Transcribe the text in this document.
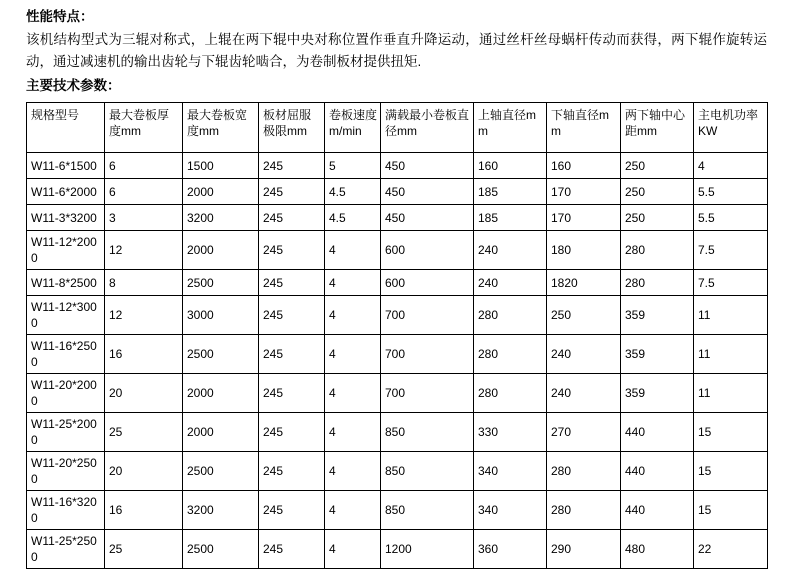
性能特点：

该机结构型式为三辊对称式，上辊在两下辊中央对称位置作垂直升降运动，通过丝杆丝母蜗杆传动而获得，两下辊作旋转运动，通过减速机的输出齿轮与下辊齿轮啮合，为卷制板材提供扭矩.

主要技术参数：
规格型号	最大卷板厚度mm	最大卷板宽度mm	板材屈服极限mm	卷板速度m/min	满载最小卷板直径mm	上轴直径mm	下轴直径mm	两下轴中心距mm	主电机功率KW
W11-6*1500	6	1500	245	5	450	160	160	250	4
W11-6*2000	6	2000	245	4.5	450	185	170	250	5.5
W11-3*3200	3	3200	245	4.5	450	185	170	250	5.5
W11-12*2000	12	2000	245	4	600	240	180	280	7.5
W11-8*2500	8	2500	245	4	600	240	1820	280	7.5
W11-12*3000	12	3000	245	4	700	280	250	359	11
W11-16*2500	16	2500	245	4	700	280	240	359	11
W11-20*2000	20	2000	245	4	700	280	240	359	11
W11-25*2000	25	2000	245	4	850	330	270	440	15
W11-20*2500	20	2500	245	4	850	340	280	440	15
W11-16*3200	16	3200	245	4	850	340	280	440	15
W11-25*2500	25	2500	245	4	1200	360	290	480	22
